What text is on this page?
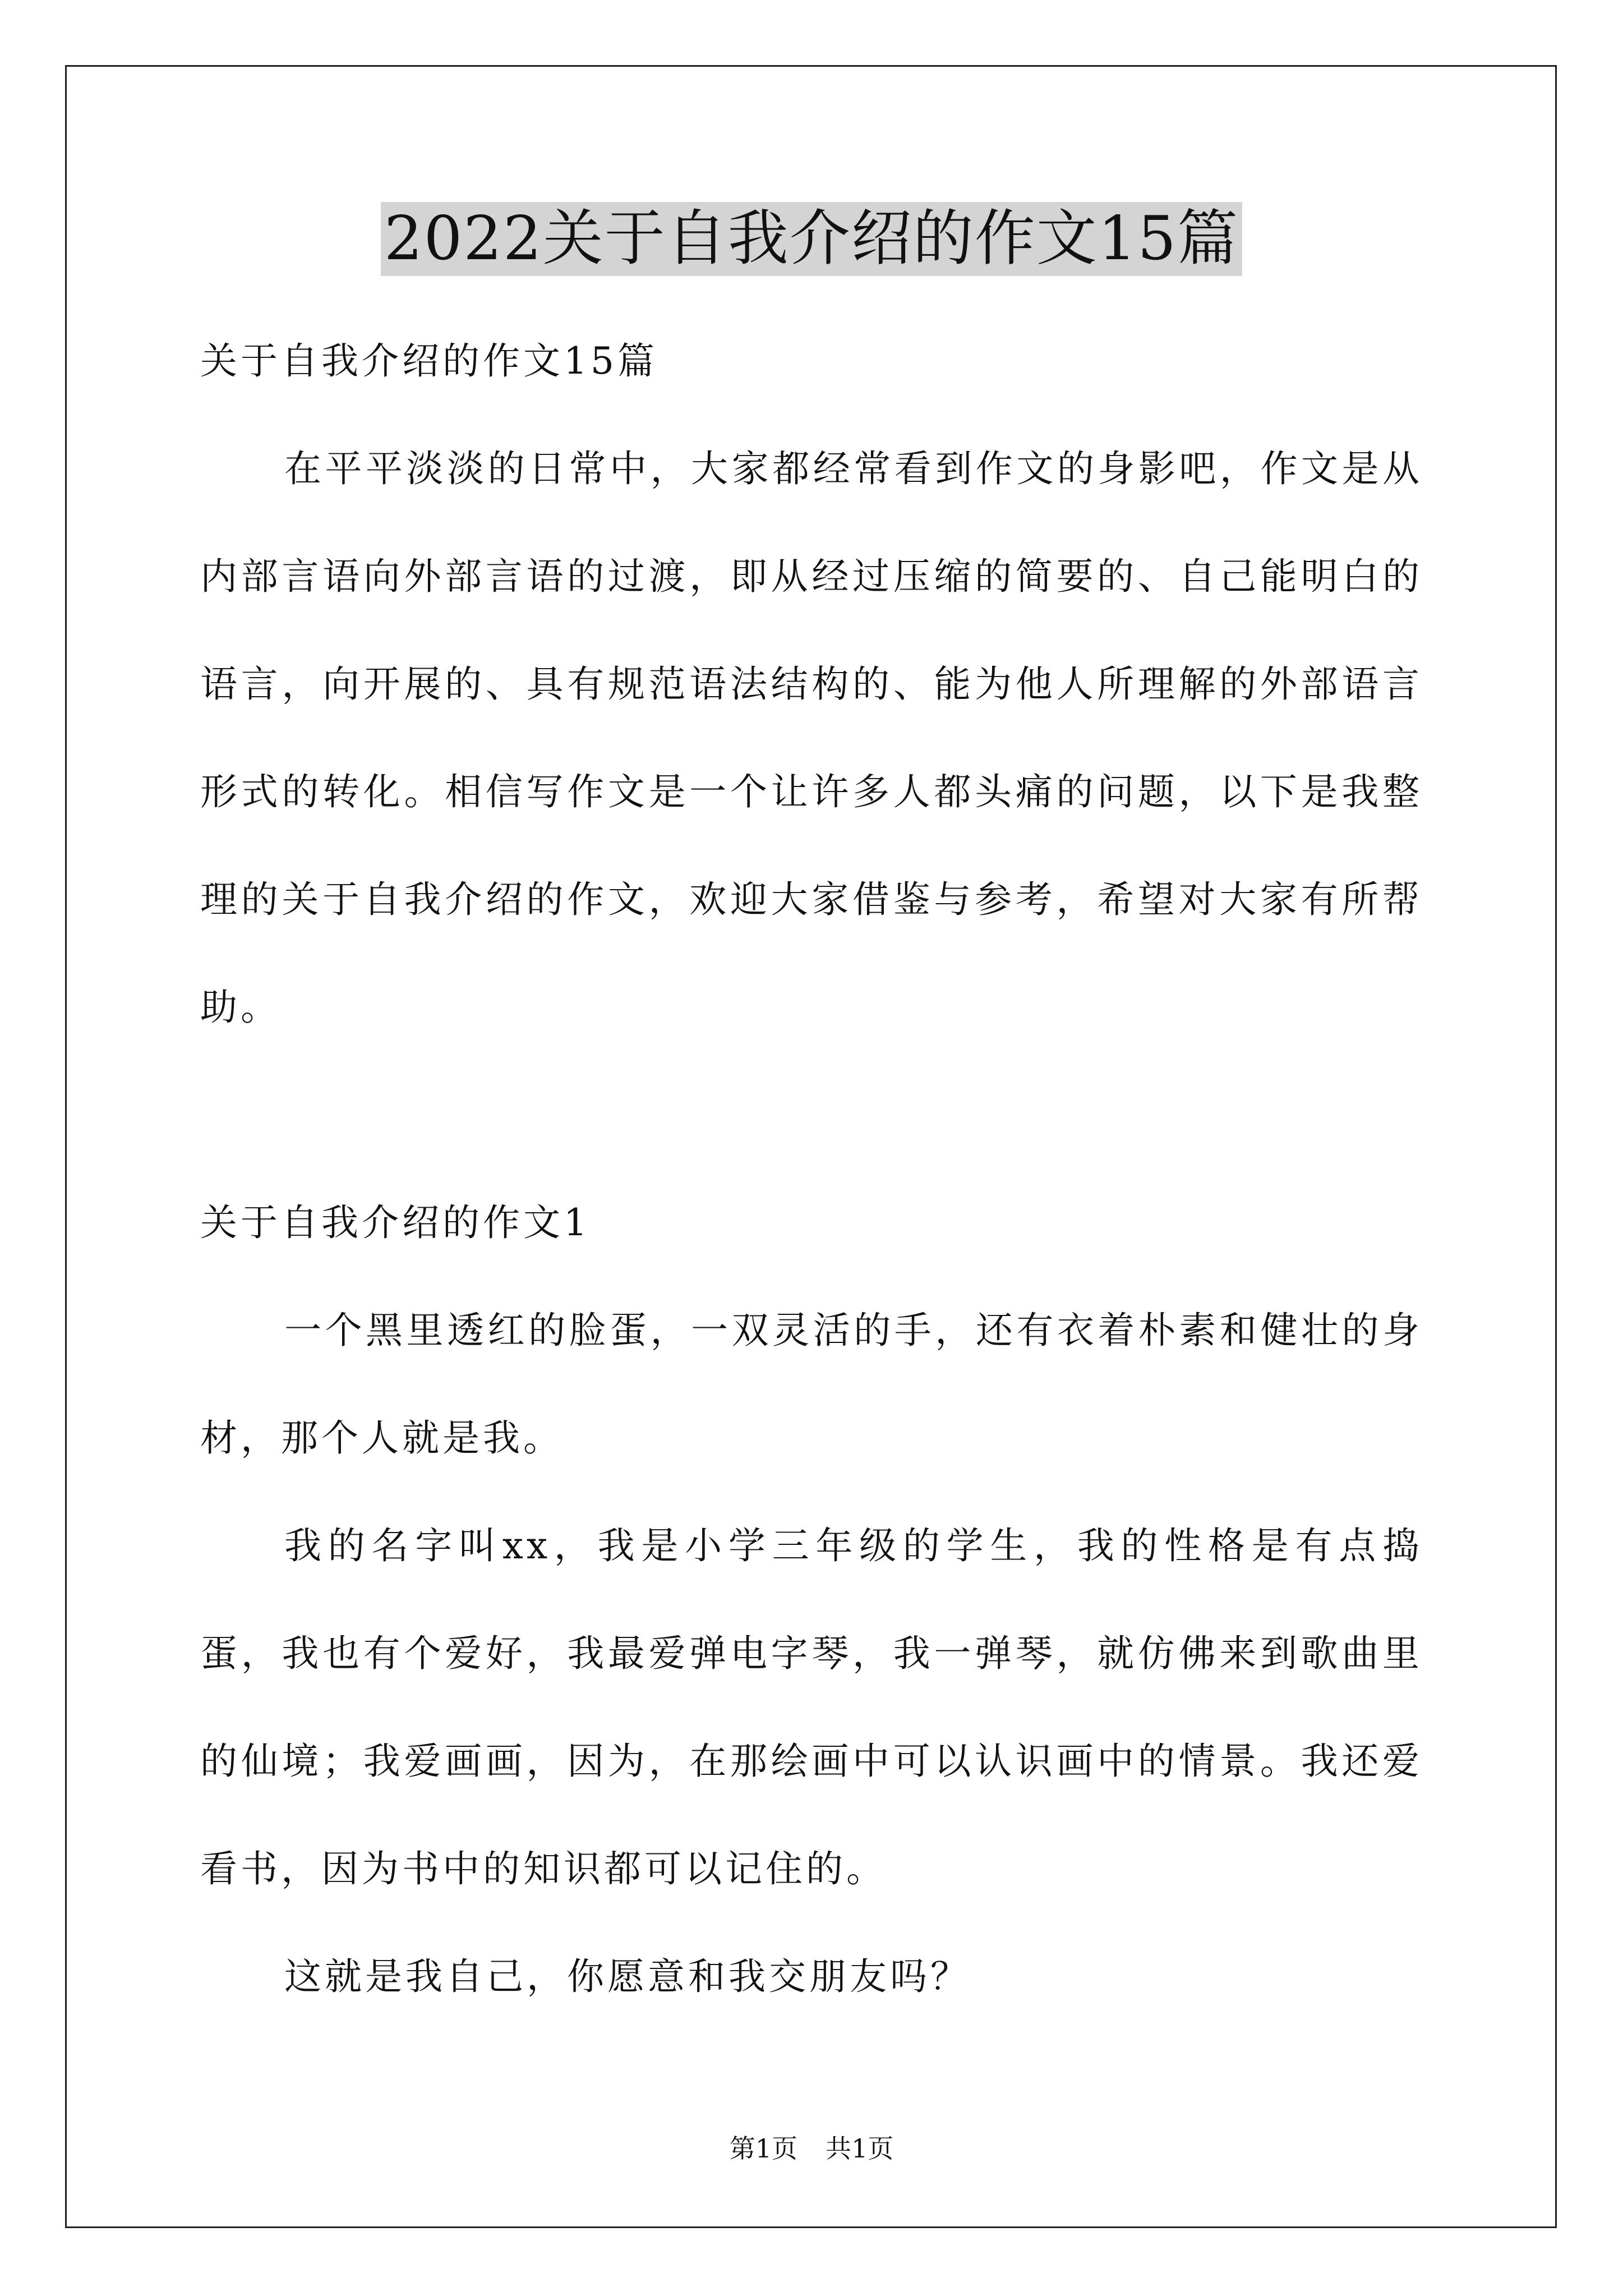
2022关于自我介绍的作文15篇

关于自我介绍的作文15篇

在平平淡淡的日常中，大家都经常看到作文的身影吧，作文是从内部言语向外部言语的过渡，即从经过压缩的简要的、自己能明白的语言，向开展的、具有规范语法结构的、能为他人所理解的外部语言形式的转化。相信写作文是一个让许多人都头痛的问题，以下是我整理的关于自我介绍的作文，欢迎大家借鉴与参考，希望对大家有所帮助。

关于自我介绍的作文1

一个黑里透红的脸蛋，一双灵活的手，还有衣着朴素和健壮的身材，那个人就是我。

我的名字叫xx，我是小学三年级的学生，我的性格是有点捣蛋，我也有个爱好，我最爱弹电字琴，我一弹琴，就仿佛来到歌曲里的仙境；我爱画画，因为，在那绘画中可以认识画中的情景。我还爱看书，因为书中的知识都可以记住的。

这就是我自己，你愿意和我交朋友吗？

第1页 共1页
